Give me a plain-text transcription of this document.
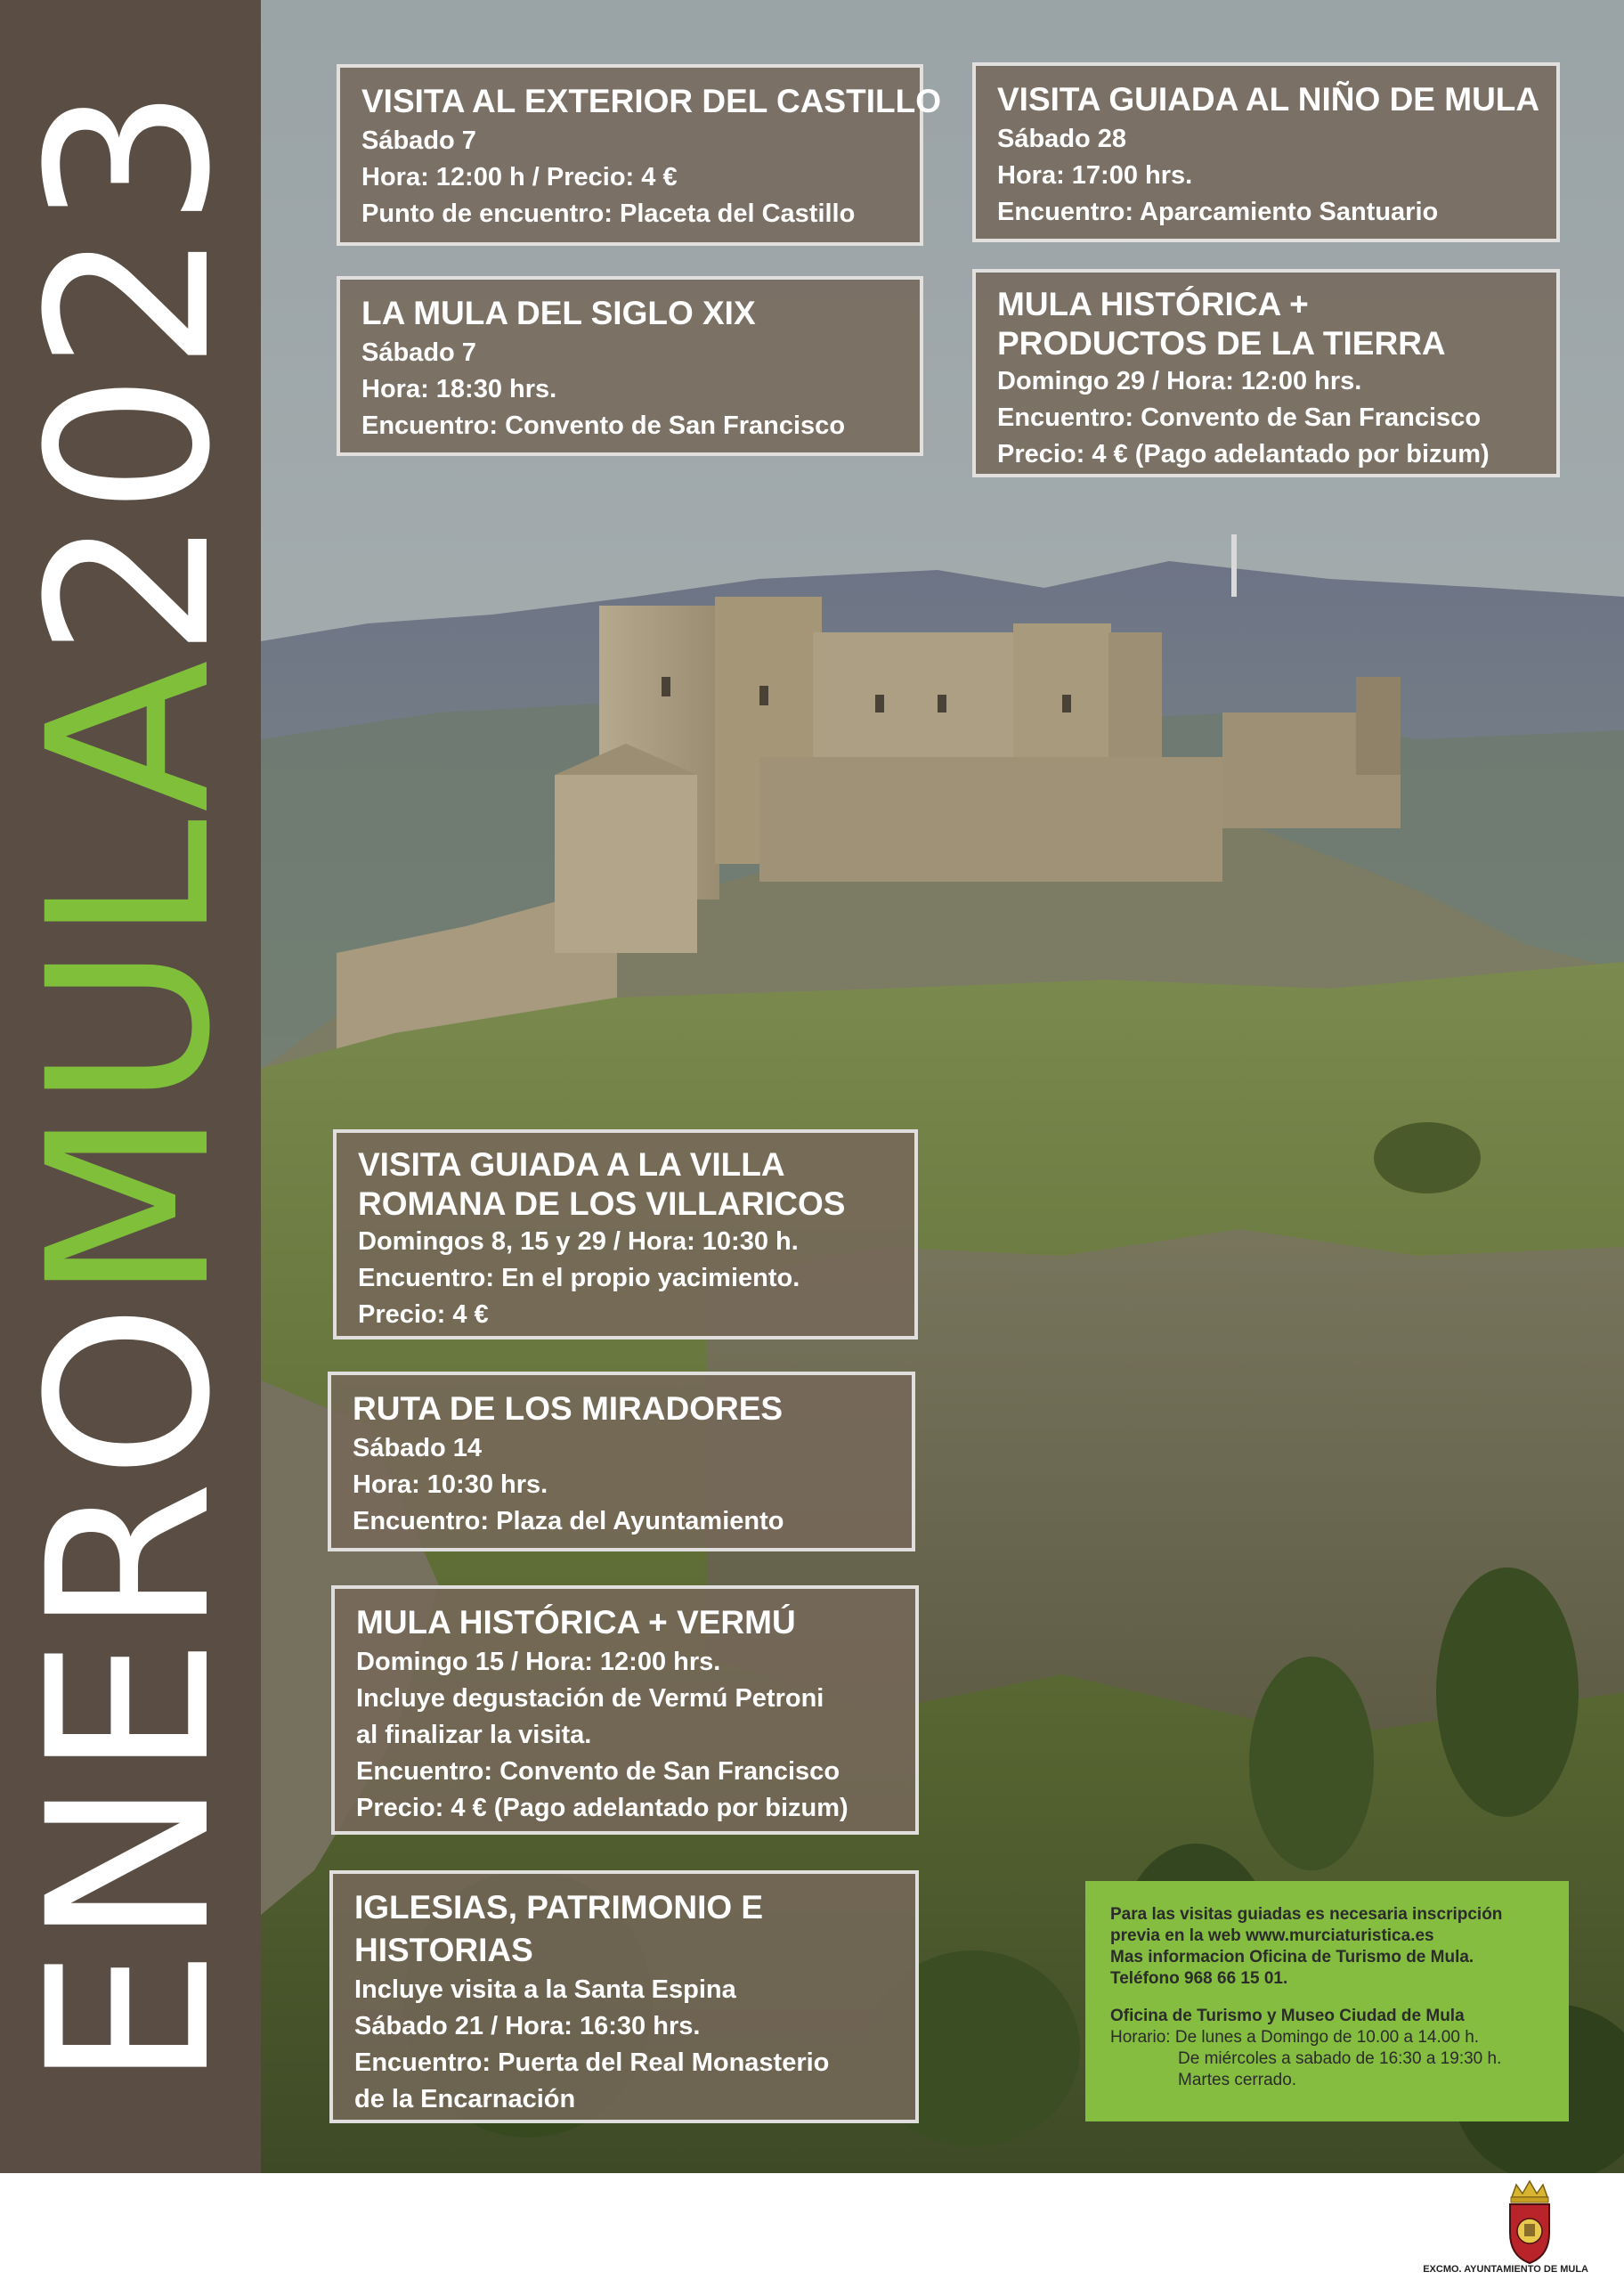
ENEROMULA2023	VISITA AL EXTERIOR DEL CASTILLO
Sábado 7
Hora: 12:00 h / Precio: 4 €
Punto de encuentro: Placeta del Castillo
VISITA GUIADA AL NIÑO DE MULA
Sábado 28
Hora: 17:00 hrs.
Encuentro: Aparcamiento Santuario
LA MULA DEL SIGLO XIX
Sábado 7
Hora: 18:30 hrs.
Encuentro: Convento de San Francisco
MULA HISTÓRICA +
PRODUCTOS DE LA TIERRA
Domingo 29 / Hora: 12:00 hrs.
Encuentro: Convento de San Francisco
Precio: 4 € (Pago adelantado por bizum)
VISITA GUIADA A LA VILLA
ROMANA DE LOS VILLARICOS
Domingos 8, 15 y 29 / Hora: 10:30 h.
Encuentro: En el propio yacimiento.
Precio: 4 €
RUTA DE LOS MIRADORES
Sábado 14
Hora: 10:30 hrs.
Encuentro: Plaza del Ayuntamiento
MULA HISTÓRICA + VERMÚ
Domingo 15 / Hora: 12:00 hrs.
Incluye degustación de Vermú Petroni
al finalizar la visita.
Encuentro: Convento de San Francisco
Precio: 4 € (Pago adelantado por bizum)
IGLESIAS, PATRIMONIO E
HISTORIAS
Incluye visita a la Santa Espina
Sábado 21 / Hora: 16:30 hrs.
Encuentro: Puerta del Real Monasterio
de la Encarnación
Para las visitas guiadas es necesaria inscripción
previa en la web www.murciaturistica.es
Mas informacion Oficina de Turismo de Mula.
Teléfono 968 66 15 01.
Oficina de Turismo y Museo Ciudad de Mula
Horario: De lunes a Domingo de 10.00 a 14.00 h.
De miércoles a sabado de 16:30 a 19:30 h.
Martes cerrado.
EXCMO. AYUNTAMIENTO DE MULA
